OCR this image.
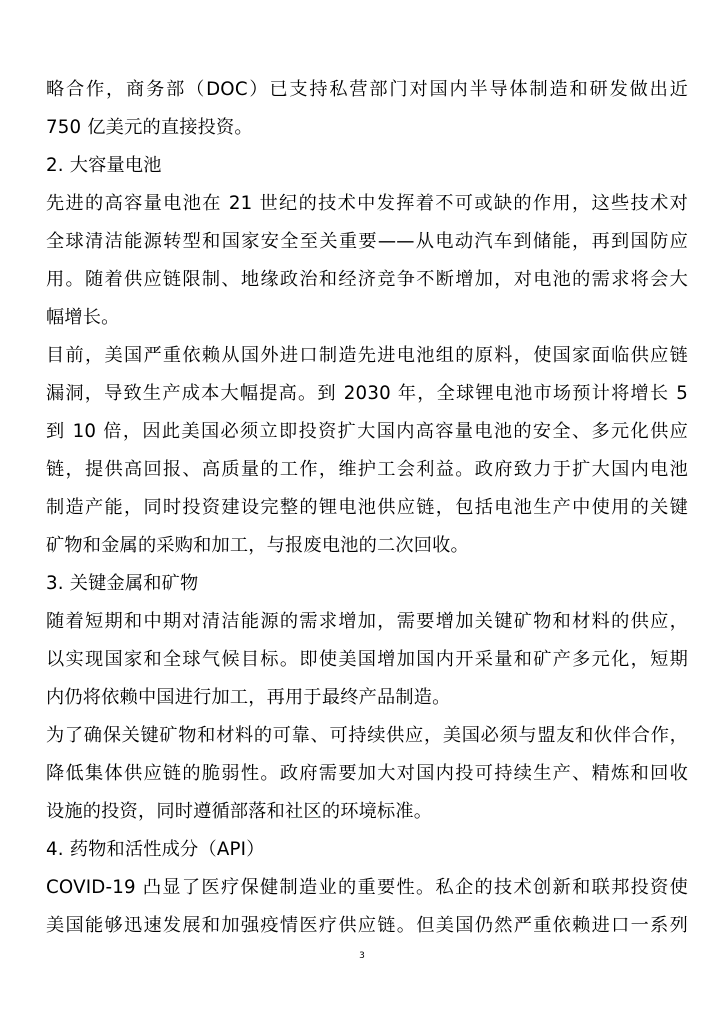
略合作，商务部（DOC）已支持私营部门对国内半导体制造和研发做出近
750 亿美元的直接投资。
2. 大容量电池
先进的高容量电池在 21 世纪的技术中发挥着不可或缺的作用，这些技术对
全球清洁能源转型和国家安全至关重要——从电动汽车到储能，再到国防应
用。随着供应链限制、地缘政治和经济竞争不断增加，对电池的需求将会大
幅增长。
目前，美国严重依赖从国外进口制造先进电池组的原料，使国家面临供应链
漏洞，导致生产成本大幅提高。到 2030 年，全球锂电池市场预计将增长 5
到 10 倍，因此美国必须立即投资扩大国内高容量电池的安全、多元化供应
链，提供高回报、高质量的工作，维护工会利益。政府致力于扩大国内电池
制造产能，同时投资建设完整的锂电池供应链，包括电池生产中使用的关键
矿物和金属的采购和加工，与报废电池的二次回收。
3. 关键金属和矿物
随着短期和中期对清洁能源的需求增加，需要增加关键矿物和材料的供应，
以实现国家和全球气候目标。即使美国增加国内开采量和矿产多元化，短期
内仍将依赖中国进行加工，再用于最终产品制造。
为了确保关键矿物和材料的可靠、可持续供应，美国必须与盟友和伙伴合作，
降低集体供应链的脆弱性。政府需要加大对国内投可持续生产、精炼和回收
设施的投资，同时遵循部落和社区的环境标准。
4. 药物和活性成分（API）
COVID-19 凸显了医疗保健制造业的重要性。私企的技术创新和联邦投资使
美国能够迅速发展和加强疫情医疗供应链。但美国仍然严重依赖进口一系列
3
